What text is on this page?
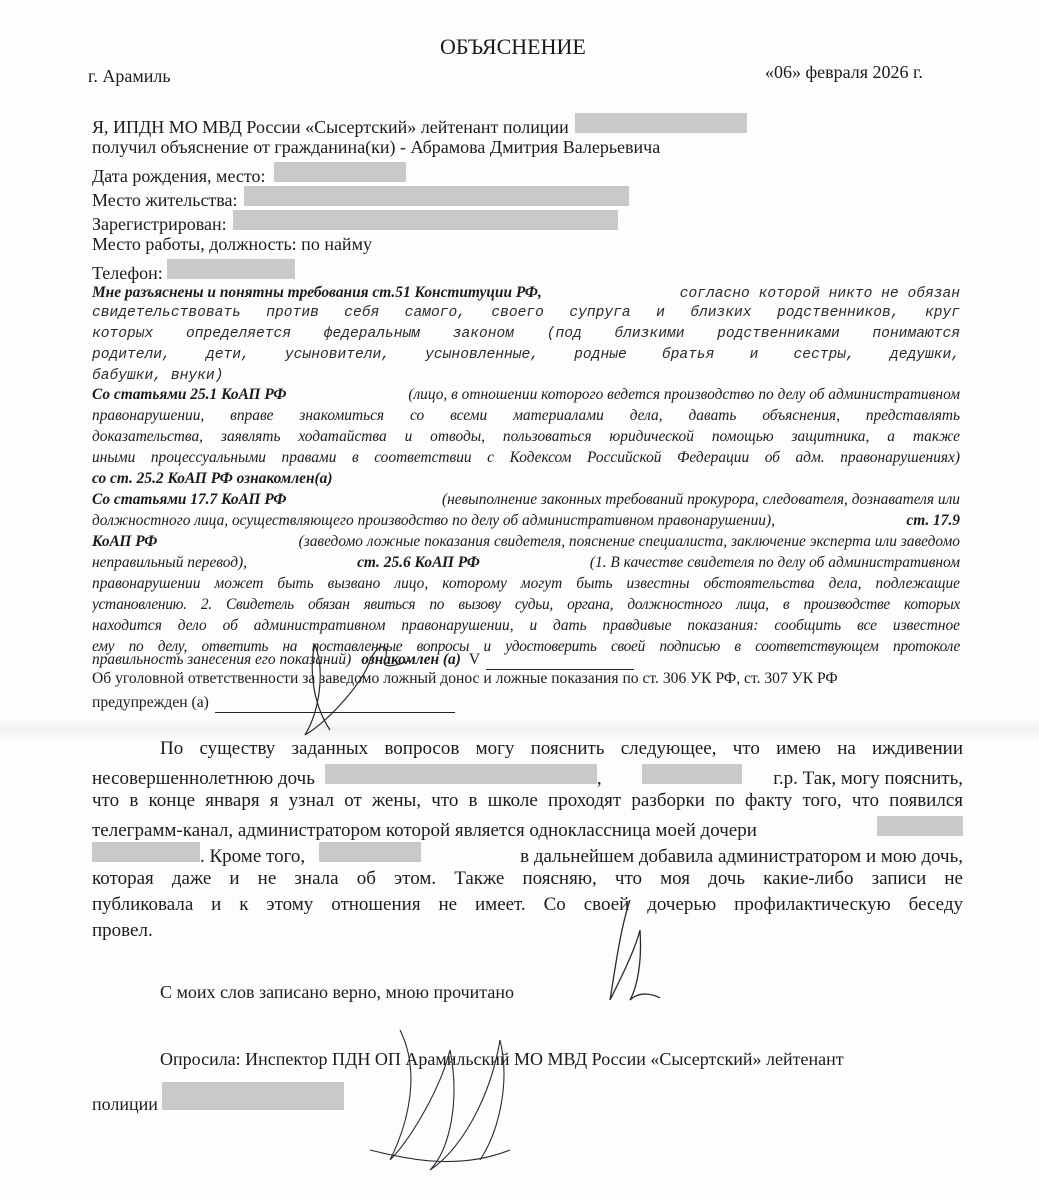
ОБЪЯСНЕНИЕ
г. Арамиль	«06» февраля 2026 г.
Я, ИПДН МО МВД России «Сысертский» лейтенант полиции
получил объяснение от гражданина(ки) - Абрамова Дмитрия Валерьевича
Дата рождения, место:
Место жительства:
Зарегистрирован:
Место работы, должность: по найму
Телефон:
Мне разъяснены и понятны требования ст.51 Конституции РФ,	согласно которой никто не обязан
свидетельствовать против себя самого, своего супруга и близких родственников, круг
которых определяется федеральным законом (под близкими родственниками понимаются
родители, дети, усыновители, усыновленные, родные братья и сестры, дедушки,
бабушки, внуки)
Со статьями 25.1 КоАП РФ	(лицо, в отношении которого ведется производство по делу об административном
правонарушении, вправе знакомиться со всеми материалами дела, давать объяснения, представлять
доказательства, заявлять ходатайства и отводы, пользоваться юридической помощью защитника, а также
иными процессуальными правами в соответствии с Кодексом Российской Федерации об адм. правонарушениях)
со ст. 25.2 КоАП РФ ознакомлен(а)
Со статьями 17.7 КоАП РФ	(невыполнение законных требований прокурора, следователя, дознавателя или
должностного лица, осуществляющего производство по делу об административном правонарушении),	ст. 17.9
КоАП РФ	(заведомо ложные показания свидетеля, пояснение специалиста, заключение эксперта или заведомо
неправильный перевод),	ст. 25.6 КоАП РФ	(1. В качестве свидетеля по делу об административном
правонарушении может быть вызвано лицо, которому могут быть известны обстоятельства дела, подлежащие
установлению. 2. Свидетель обязан явиться по вызову судьи, органа, должностного лица, в производстве которых
находится дело об административном правонарушении, и дать правдивые показания: сообщить все известное
ему по делу, ответить на поставленные вопросы и удостоверить своей подписью в соответствующем протоколе
правильность занесения его показаний) ознакомлен (а) V

Об уголовной ответственности за заведомо ложный донос и ложные показания по ст. 306 УК РФ, ст. 307 УК РФ
предупрежден (а)

По существу заданных вопросов могу пояснить следующее, что имею на иждивении
несовершеннолетнюю дочь	,	г.р. Так, могу пояснить,
что в конце января я узнал от жены, что в школе проходят разборки по факту того, что появился
телеграмм-канал, администратором которой является одноклассница моей дочери
. Кроме того,	в дальнейшем добавила администратором и мою дочь,
которая даже и не знала об этом. Также поясняю, что моя дочь какие-либо записи не
публиковала и к этому отношения не имеет. Со своей дочерью профилактическую беседу
провел.
С моих слов записано верно, мною прочитано
Опросила: Инспектор ПДН ОП Арамильский МО МВД России «Сысертский» лейтенант
полиции
